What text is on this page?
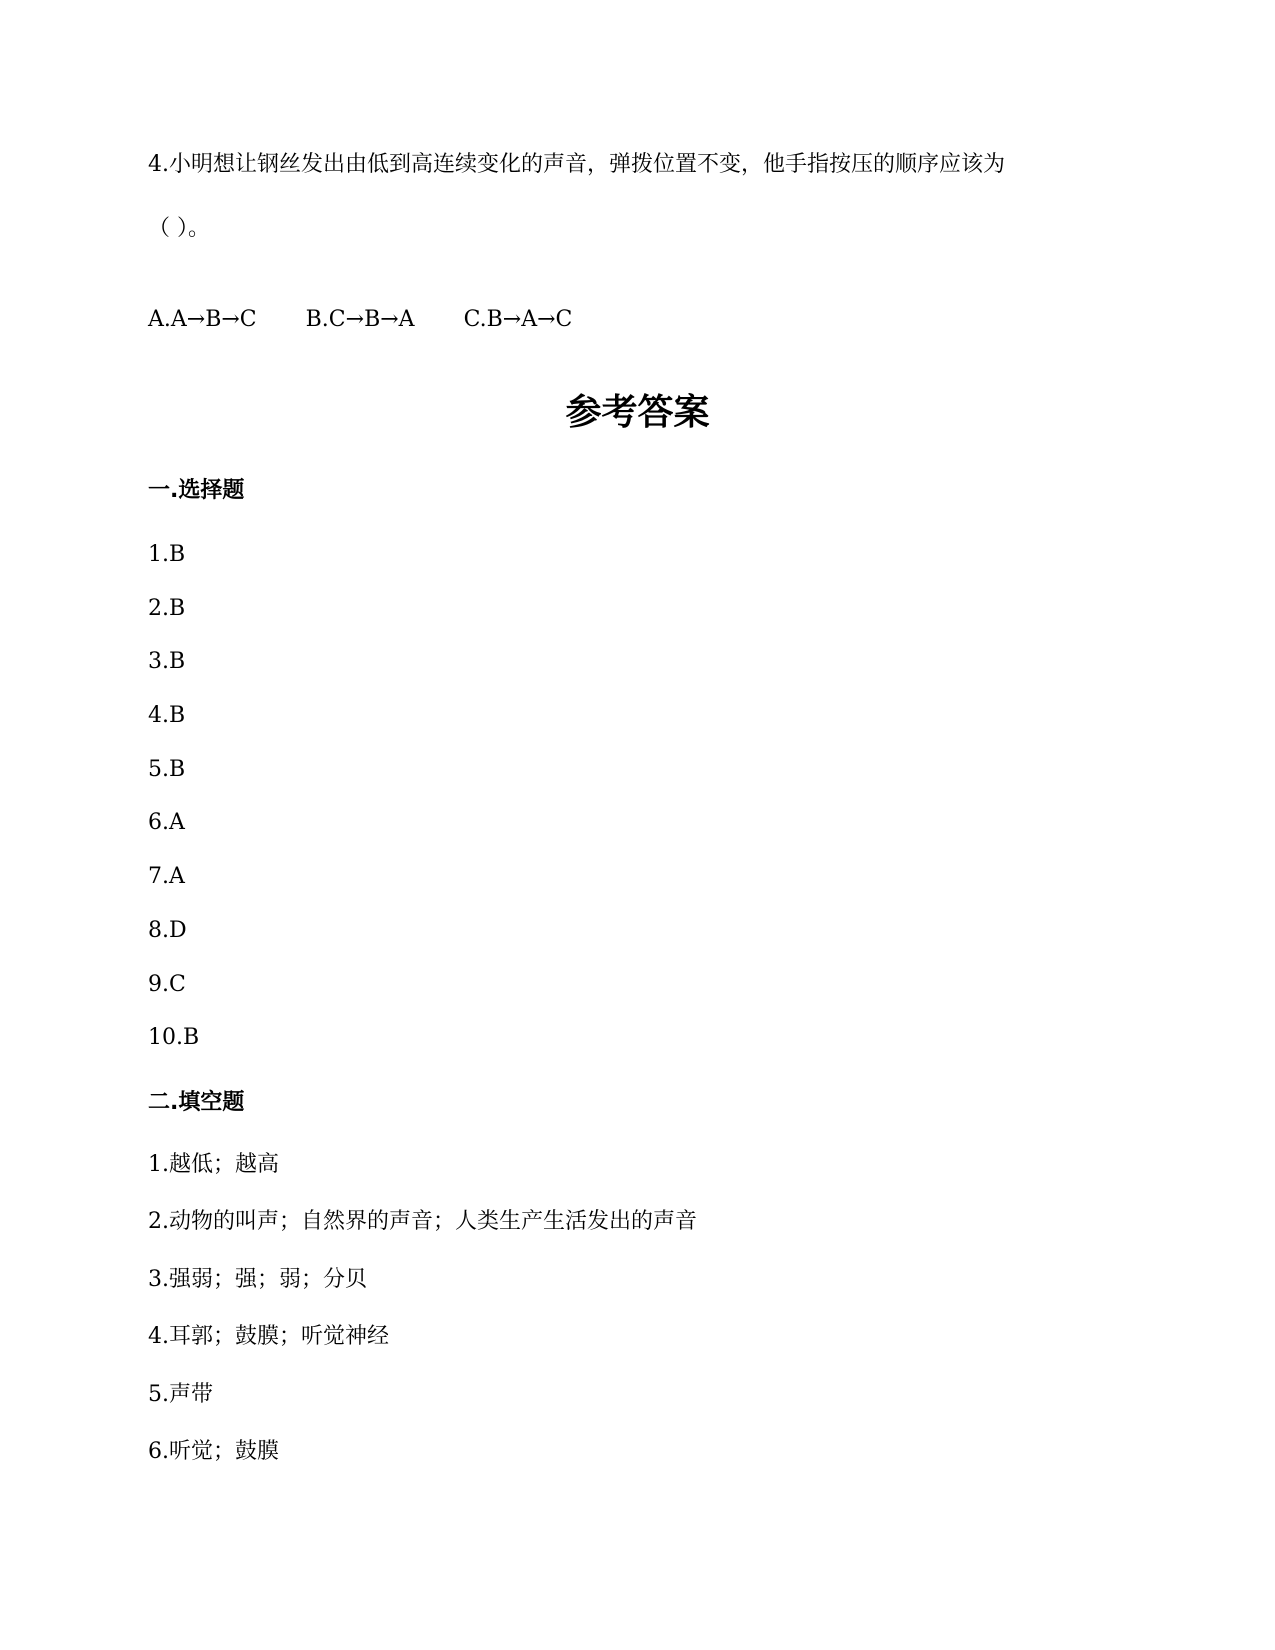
4.小明想让钢丝发出由低到高连续变化的声音，弹拨位置不变，他手指按压的顺序应该为
（ ）。
A.A→B→C B.C→B→A C.B→A→C
参考答案
一.选择题
1.B
2.B
3.B
4.B
5.B
6.A
7.A
8.D
9.C
10.B
二.填空题
1.越低；越高
2.动物的叫声；自然界的声音；人类生产生活发出的声音
3.强弱；强；弱；分贝
4.耳郭；鼓膜；听觉神经
5.声带
6.听觉；鼓膜
